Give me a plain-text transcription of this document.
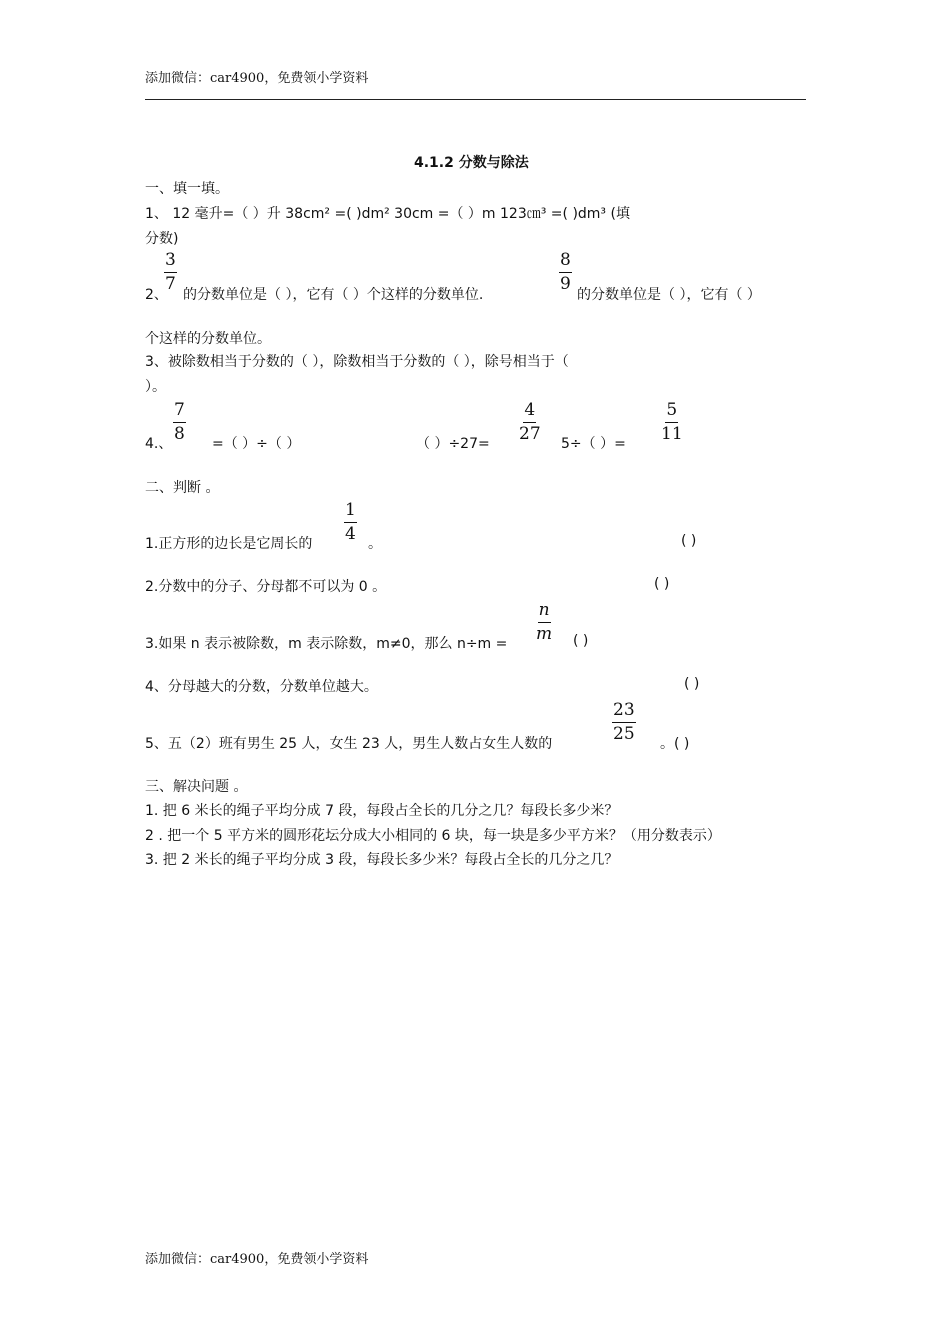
添加微信：car4900，免费领小学资料
4.1.2 分数与除法
一、填一填。
1、 12 毫升=（ ）升 38cm² =( )dm² 30cm =（ ）m 123㎝³ =( )dm³ (填
分数)
2、
$\frac{3}{7}$
的分数单位是（ ），它有（ ）个这样的分数单位.
$\frac{8}{9}$
的分数单位是（ ），它有（ ）
个这样的分数单位。
3、被除数相当于分数的（ ），除数相当于分数的（ ），除号相当于（
）。
4.、 $\frac{7}{8}$ =（ ）÷（ ）	（ ）$\div 27= \frac{4}{27} 5\div$（ ）= $\frac{5}{11}$
二、判断 。
1.正方形的边长是它周长的 $\frac{1}{4}$ 。	( )
2.分数中的分子、分母都不可以为 0 。	( )
3.如果 n 表示被除数，m 表示除数，m≠0，那么 $n\div m = \frac{n}{m}$ ( )
4、分母越大的分数，分数单位越大。	( )
5、五（2）班有男生 25 人，女生 23 人，男生人数占女生人数的	$\frac{23}{25}$ 。( )
三、解决问题 。
1. 把 6 米长的绳子平均分成 7 段，每段占全长的几分之几？每段长多少米？
2 . 把一个 5 平方米的圆形花坛分成大小相同的 6 块，每一块是多少平方米？（用分数表示）
3. 把 2 米长的绳子平均分成 3 段，每段长多少米？每段占全长的几分之几？
添加微信：car4900，免费领小学资料
